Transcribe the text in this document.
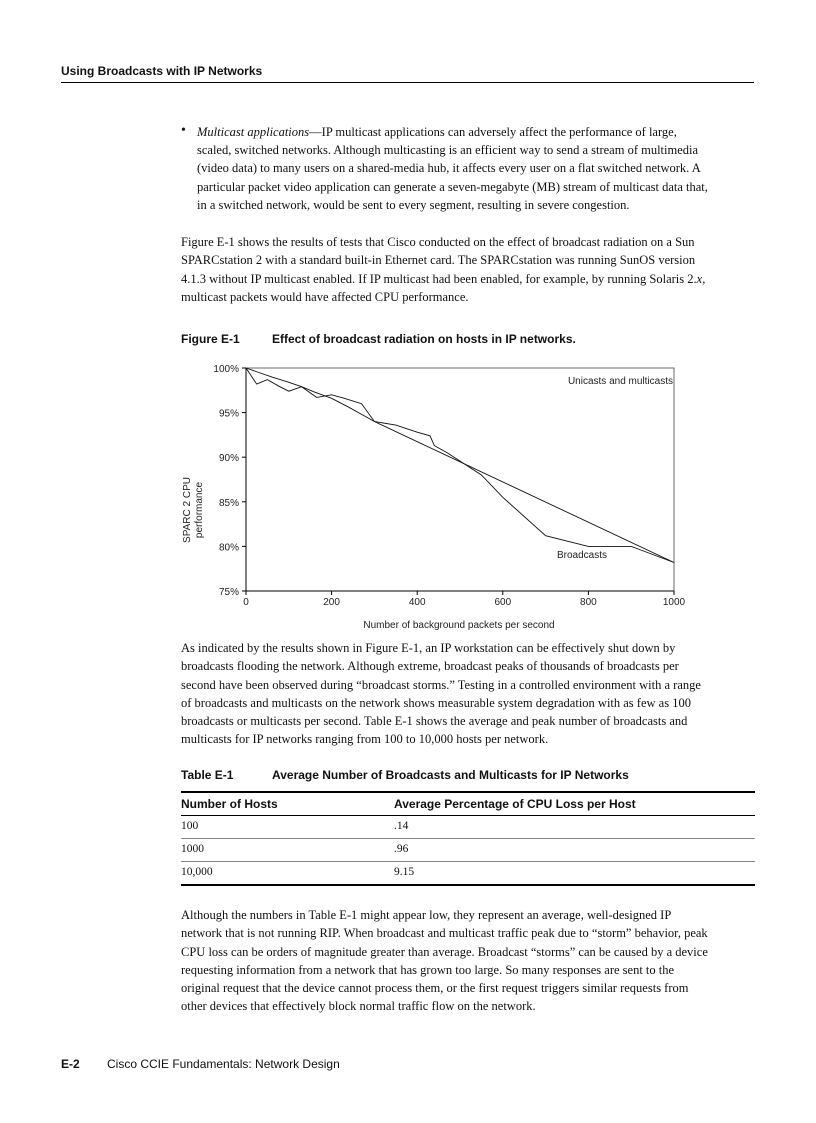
Using Broadcasts with IP Networks
• Multicast applications—IP multicast applications can adversely affect the performance of large, scaled, switched networks. Although multicasting is an efficient way to send a stream of multimedia (video data) to many users on a shared-media hub, it affects every user on a flat switched network. A particular packet video application can generate a seven-megabyte (MB) stream of multicast data that, in a switched network, would be sent to every segment, resulting in severe congestion.
Figure E-1 shows the results of tests that Cisco conducted on the effect of broadcast radiation on a Sun SPARCstation 2 with a standard built-in Ethernet card. The SPARCstation was running SunOS version 4.1.3 without IP multicast enabled. If IP multicast had been enabled, for example, by running Solaris 2.x, multicast packets would have affected CPU performance.
Figure E-1	Effect of broadcast radiation on hosts in IP networks.
0	200	400	600	800	1000
100%
95%
90%
85%
80%
75%
SPARC 2 CPU performance
Number of background packets per second
Unicasts and multicasts
Broadcasts
As indicated by the results shown in Figure E-1, an IP workstation can be effectively shut down by broadcasts flooding the network. Although extreme, broadcast peaks of thousands of broadcasts per second have been observed during “broadcast storms.” Testing in a controlled environment with a range of broadcasts and multicasts on the network shows measurable system degradation with as few as 100 broadcasts or multicasts per second. Table E-1 shows the average and peak number of broadcasts and multicasts for IP networks ranging from 100 to 10,000 hosts per network.
Table E-1	Average Number of Broadcasts and Multicasts for IP Networks
Number of Hosts	Average Percentage of CPU Loss per Host
100	.14
1000	.96
10,000	9.15
Although the numbers in Table E-1 might appear low, they represent an average, well-designed IP network that is not running RIP. When broadcast and multicast traffic peak due to “storm” behavior, peak CPU loss can be orders of magnitude greater than average. Broadcast “storms” can be caused by a device requesting information from a network that has grown too large. So many responses are sent to the original request that the device cannot process them, or the first request triggers similar requests from other devices that effectively block normal traffic flow on the network.
E-2 Cisco CCIE Fundamentals: Network Design
